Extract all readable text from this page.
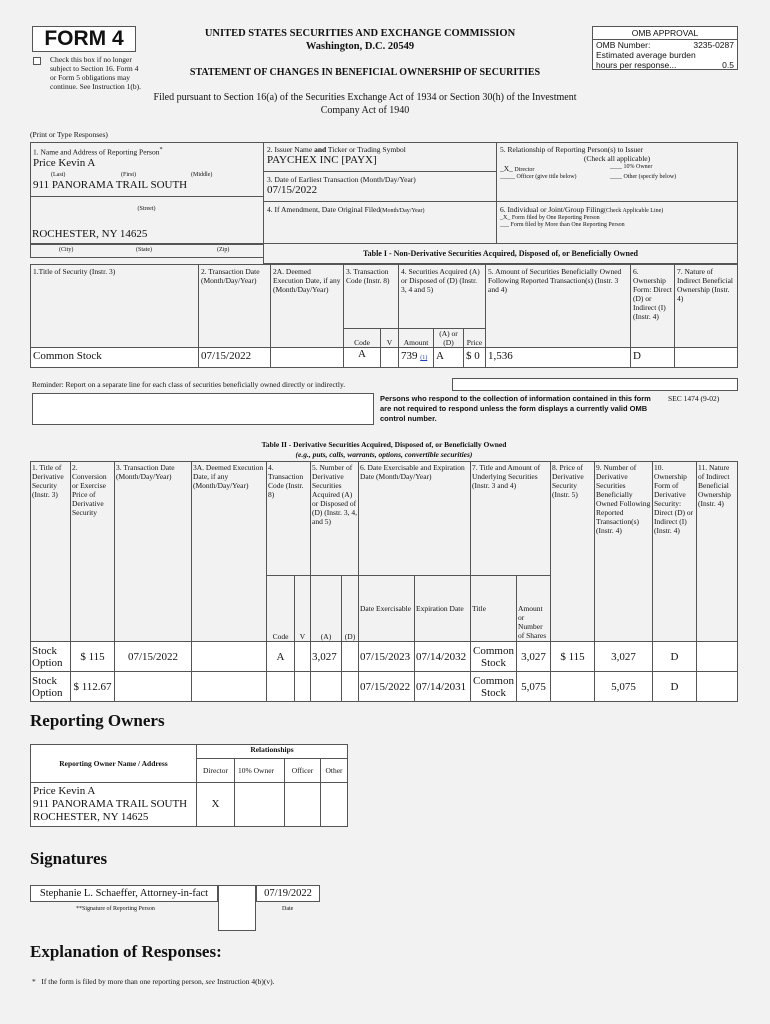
FORM 4
Check this box if no longer subject to Section 16. Form 4 or Form 5 obligations may continue. See Instruction 1(b).
UNITED STATES SECURITIES AND EXCHANGE COMMISSION
Washington, D.C. 20549
STATEMENT OF CHANGES IN BENEFICIAL OWNERSHIP OF SECURITIES
Filed pursuant to Section 16(a) of the Securities Exchange Act of 1934 or Section 30(h) of the Investment Company Act of 1940
OMB APPROVAL
OMB Number:	3235-0287
Estimated average burden
hours per response...	0.5
(Print or Type Responses)
1. Name and Address of Reporting Person*
Price Kevin A
(Last)	(First)	(Middle)
911 PANORAMA TRAIL SOUTH
(Street)
ROCHESTER, NY 14625
(City)	(State)	(Zip)
2. Issuer Name and Ticker or Trading Symbol
PAYCHEX INC [PAYX]
3. Date of Earliest Transaction (Month/Day/Year)
07/15/2022
4. If Amendment, Date Original Filed(Month/Day/Year)
5. Relationship of Reporting Person(s) to Issuer
(Check all applicable)
_X_ Director	____ 10% Owner
_____ Officer (give title below)	____ Other (specify below)
6. Individual or Joint/Group Filing(Check Applicable Line)
_X_ Form filed by One Reporting Person
___ Form filed by More than One Reporting Person
Table I - Non-Derivative Securities Acquired, Disposed of, or Beneficially Owned
1.Title of Security (Instr. 3)	2. Transaction Date (Month/Day/Year)	2A. Deemed Execution Date, if any (Month/Day/Year)	3. Transaction Code (Instr. 8)		4. Securities Acquired (A) or Disposed of (D) (Instr. 3, 4 and 5)			5. Amount of Securities Beneficially Owned Following Reported Transaction(s) (Instr. 3 and 4)	6. Ownership Form: Direct (D) or Indirect (I) (Instr. 4)	7. Nature of Indirect Beneficial Ownership (Instr. 4)
			Code	V	Amount	(A) or (D)	Price			
Common Stock	07/15/2022		A		739 (1)	A	$ 0	1,536	D	
Reminder: Report on a separate line for each class of securities beneficially owned directly or indirectly.
Persons who respond to the collection of information contained in this form are not required to respond unless the form displays a currently valid OMB control number.
SEC 1474 (9-02)
Table II - Derivative Securities Acquired, Disposed of, or Beneficially Owned
(e.g., puts, calls, warrants, options, convertible securities)
1. Title of Derivative Security (Instr. 3)	2. Conversion or Exercise Price of Derivative Security	3. Transaction Date (Month/Day/Year)	3A. Deemed Execution Date, if any (Month/Day/Year)	4. Transaction Code (Instr. 8)		5. Number of Derivative Securities Acquired (A) or Disposed of (D) (Instr. 3, 4, and 5)		6. Date Exercisable and Expiration Date (Month/Day/Year)		7. Title and Amount of Underlying Securities (Instr. 3 and 4)		8. Price of Derivative Security (Instr. 5)	9. Number of Derivative Securities Beneficially Owned Following Reported Transaction(s) (Instr. 4)	10. Ownership Form of Derivative Security: Direct (D) or Indirect (I) (Instr. 4)	11. Nature of Indirect Beneficial Ownership (Instr. 4)
				Code	V	(A)	(D)	Date Exercisable	Expiration Date	Title	Amount or Number of Shares				
Stock Option	$ 115	07/15/2022		A		3,027		07/15/2023	07/14/2032	Common Stock	3,027	$ 115	3,027	D	
Stock Option	$ 112.67							07/15/2022	07/14/2031	Common Stock	5,075		5,075	D	
Reporting Owners
Reporting Owner Name / Address	Relationships			
	Director	10% Owner	Officer	Other

Price Kevin A
911 PANORAMA TRAIL SOUTH
ROCHESTER, NY 14625	X			
Signatures
Stephanie L. Schaeffer, Attorney-in-fact	07/19/2022
**Signature of Reporting Person	Date
Explanation of Responses:
* If the form is filed by more than one reporting person, see Instruction 4(b)(v).
